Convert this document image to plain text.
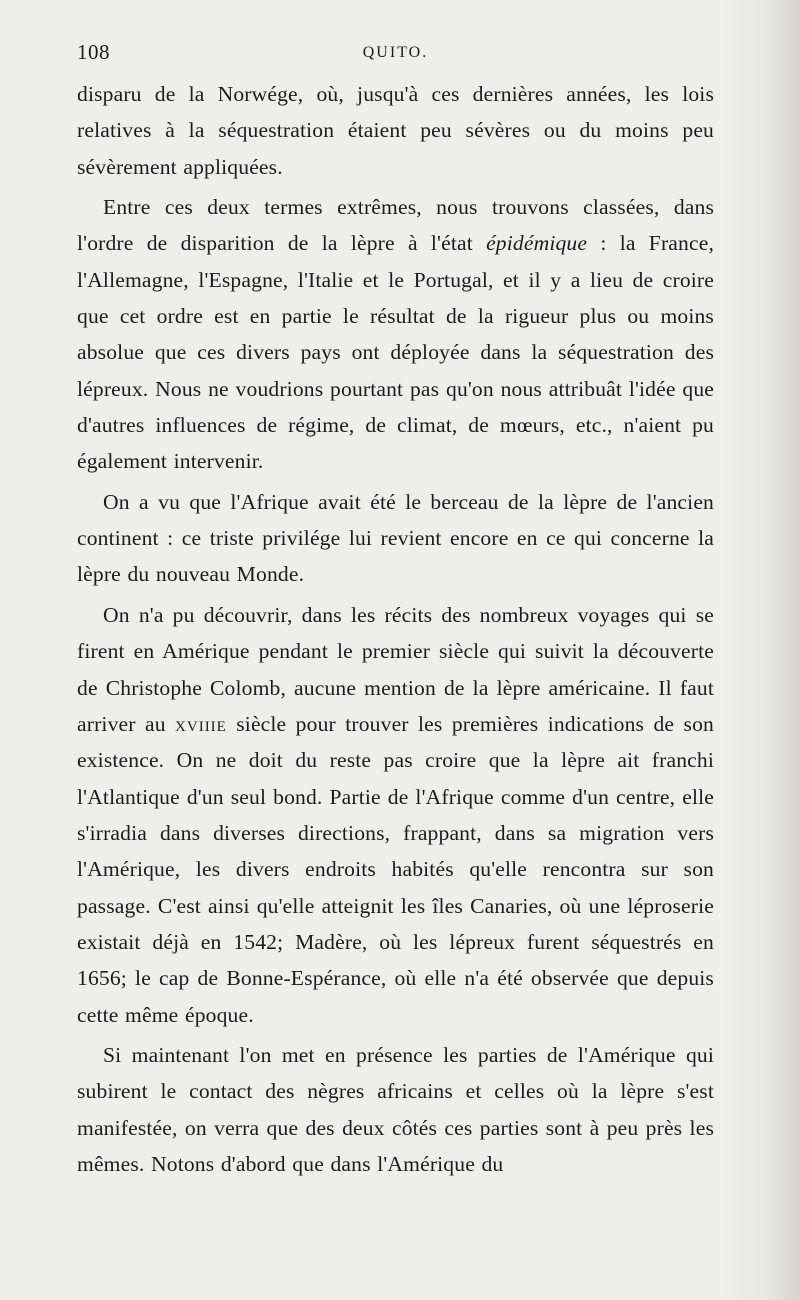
108	QUITO.

disparu de la Norwége, où, jusqu'à ces dernières années, les lois relatives à la séquestration étaient peu sévères ou du moins peu sévèrement appliquées.

Entre ces deux termes extrêmes, nous trouvons classées, dans l'ordre de disparition de la lèpre à l'état épidémique : la France, l'Allemagne, l'Espagne, l'Italie et le Portugal, et il y a lieu de croire que cet ordre est en partie le résultat de la rigueur plus ou moins absolue que ces divers pays ont déployée dans la séquestration des lépreux. Nous ne voudrions pourtant pas qu'on nous attribuât l'idée que d'autres influences de régime, de climat, de mœurs, etc., n'aient pu également intervenir.

On a vu que l'Afrique avait été le berceau de la lèpre de l'ancien continent : ce triste privilége lui revient encore en ce qui concerne la lèpre du nouveau Monde.

On n'a pu découvrir, dans les récits des nombreux voyages qui se firent en Amérique pendant le premier siècle qui suivit la découverte de Christophe Colomb, aucune mention de la lèpre américaine. Il faut arriver au xviiie siècle pour trouver les premières indications de son existence. On ne doit du reste pas croire que la lèpre ait franchi l'Atlantique d'un seul bond. Partie de l'Afrique comme d'un centre, elle s'irradia dans diverses directions, frappant, dans sa migration vers l'Amérique, les divers endroits habités qu'elle rencontra sur son passage. C'est ainsi qu'elle atteignit les îles Canaries, où une léproserie existait déjà en 1542; Madère, où les lépreux furent séquestrés en 1656; le cap de Bonne-Espérance, où elle n'a été observée que depuis cette même époque.

Si maintenant l'on met en présence les parties de l'Amérique qui subirent le contact des nègres africains et celles où la lèpre s'est manifestée, on verra que des deux côtés ces parties sont à peu près les mêmes. Notons d'abord que dans l'Amérique du
